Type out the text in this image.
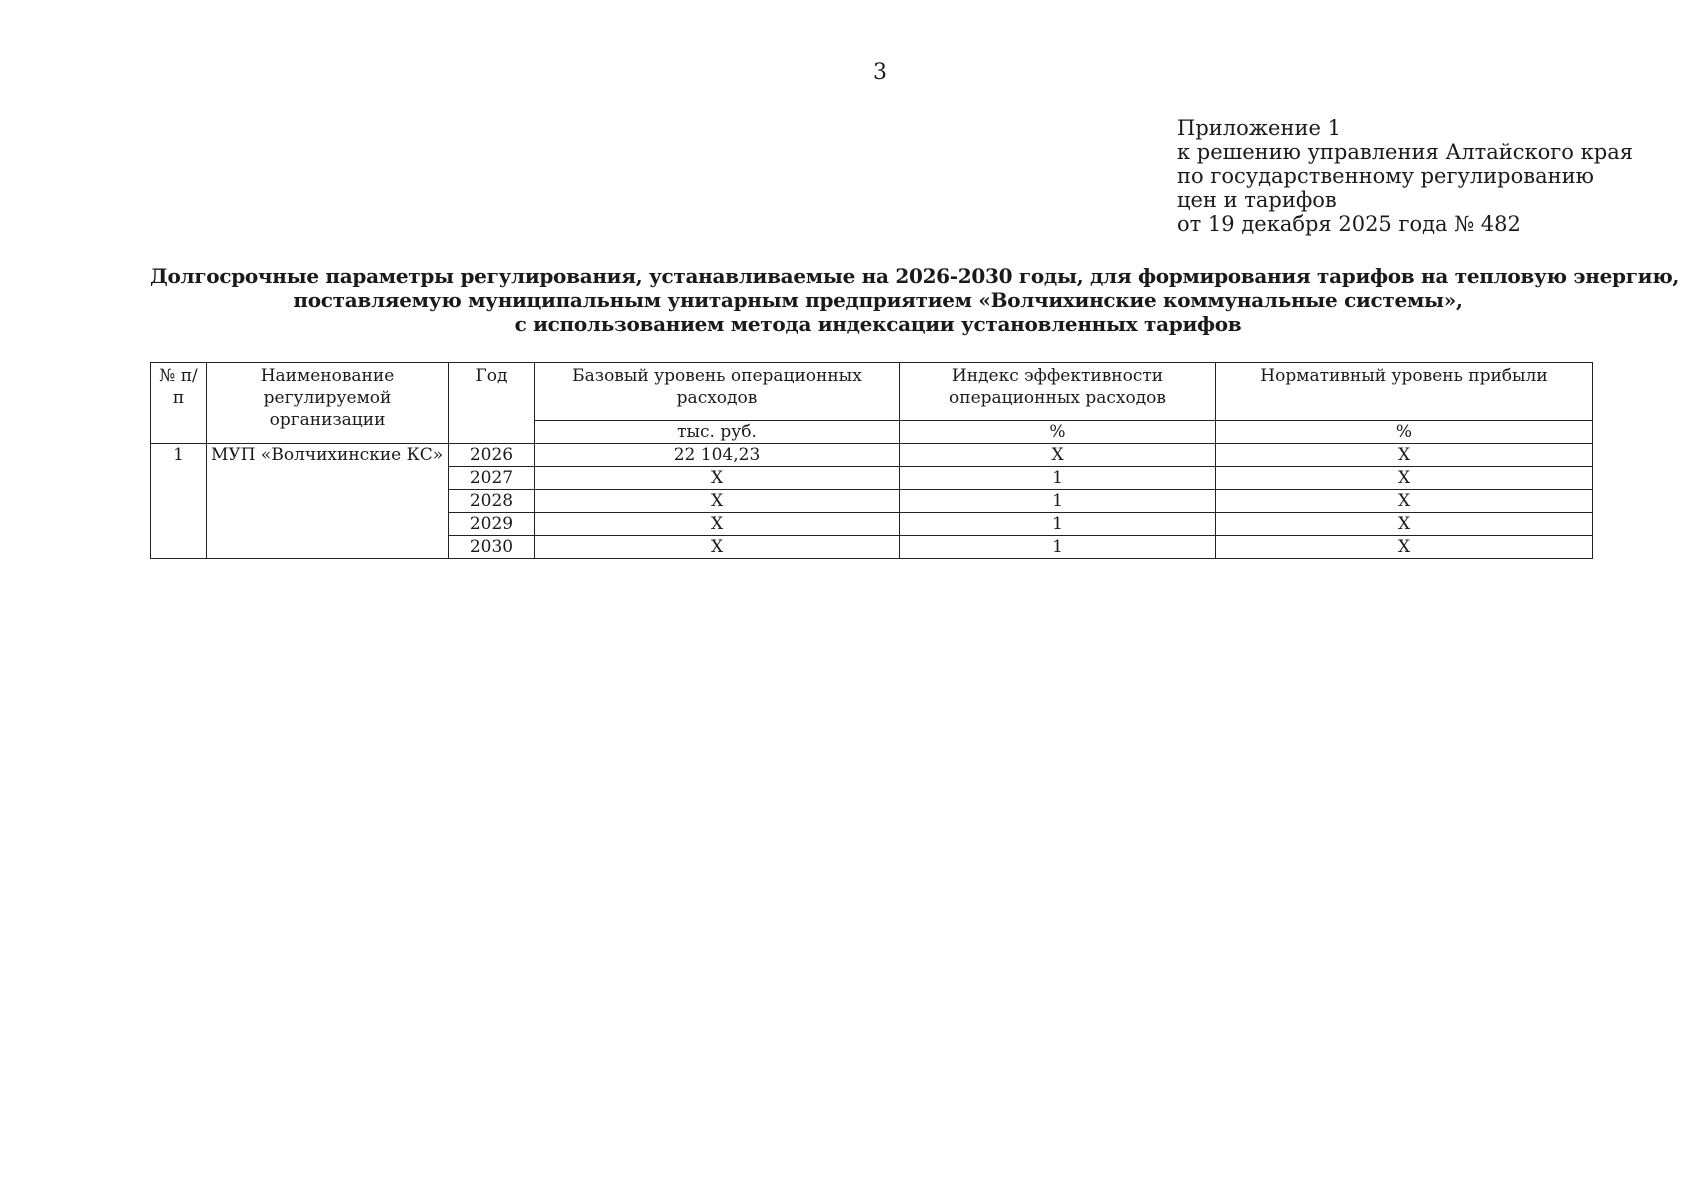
3
Приложение 1
к решению управления Алтайского края
по государственному регулированию
цен и тарифов
от 19 декабря 2025 года № 482
Долгосрочные параметры регулирования, устанавливаемые на 2026-2030 годы, для формирования тарифов на тепловую энергию,
поставляемую муниципальным унитарным предприятием «Волчихинские коммунальные системы»,
с использованием метода индексации установленных тарифов
№ п/п	Наименование регулируемой организации	Год	Базовый уровень операционных расходов	Индекс эффективности операционных расходов	Нормативный уровень прибыли
			тыс. руб.	%	%
1	МУП «Волчихинские КС»	2026	22 104,23	X	X
		2027	X	1	X
		2028	X	1	X
		2029	X	1	X
		2030	X	1	X
